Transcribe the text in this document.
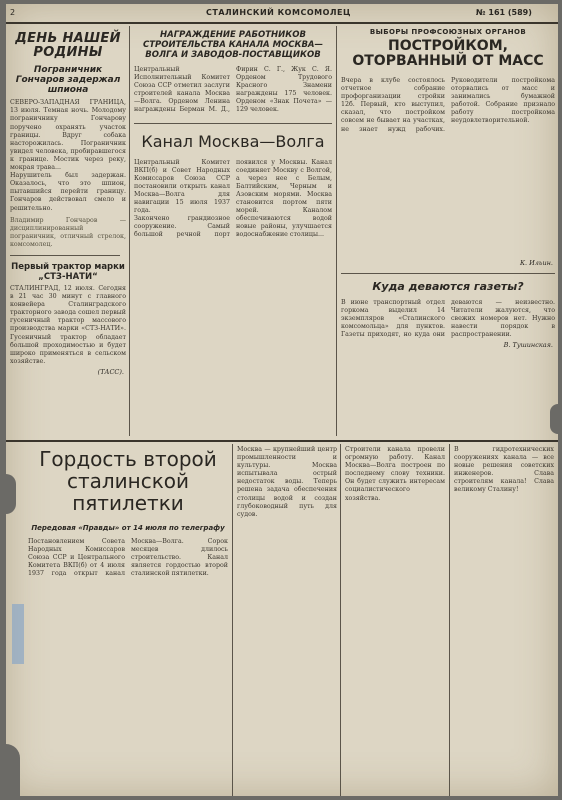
2	СТАЛИНСКИЙ КОМСОМОЛЕЦ	№ 161 (589)
ДЕНЬ НАШЕЙ РОДИНЫ
Пограничник Гончаров задержал шпиона

СЕВЕРО-ЗАПАДНАЯ ГРАНИЦА, 13 июля. Темная ночь. Молодому пограничнику Гончарову поручено охранять участок границы. Вдруг собака насторожилась. Пограничник увидел человека, пробиравшегося к границе. Мостик через реку, мокрая трава...
Нарушитель был задержан. Оказалось, что это шпион, пытавшийся перейти границу. Гончаров действовал смело и решительно.

Владимир Гончаров — дисциплинированный пограничник, отличный стрелок, комсомолец.

Первый трактор марки „СТЗ-НАТИ“

СТАЛИНГРАД, 12 июля. Сегодня в 21 час 30 минут с главного конвейера Сталинградского тракторного завода сошел первый гусеничный трактор массового производства марки «СТЗ-НАТИ». Гусеничный трактор обладает большой проходимостью и будет широко применяться в сельском хозяйстве.

(ТАСС).

НАГРАЖДЕНИЕ РАБОТНИКОВ СТРОИТЕЛЬСТВА КАНАЛА МОСКВА—ВОЛГА И ЗАВОДОВ-ПОСТАВЩИКОВ

Центральный Исполнительный Комитет Союза ССР отметил заслуги строителей канала Москва—Волга. Орденом Ленина награждены Берман М. Д., Фирин С. Г., Жук С. Я. Орденом Трудового Красного Знамени награждены 175 человек. Орденом «Знак Почета» — 129 человек.

Канал Москва—Волга

Центральный Комитет ВКП(б) и Совет Народных Комиссаров Союза ССР постановили открыть канал Москва—Волга для навигации 15 июля 1937 года.
Закончено грандиозное сооружение. Самый большой речной порт появился у Москвы. Канал соединяет Москву с Волгой, а через нее с Белым, Балтийским, Черным и Азовским морями. Москва становится портом пяти морей. Каналом обеспечиваются водой новые районы, улучшается водоснабжение столицы...

ВЫБОРЫ ПРОФСОЮЗНЫХ ОРГАНОВ

ПОСТРОЙКОМ, ОТОРВАННЫЙ ОТ МАСС

Вчера в клубе состоялось отчетное собрание профорганизации стройки 12б. Первый, кто выступил, сказал, что постройком совсем не бывает на участках, не знает нужд рабочих. Руководители постройкома оторвались от масс и занимались бумажной работой. Собрание признало работу постройкома неудовлетворительной.

К. Ильин.

Куда деваются газеты?

В июне транспортный отдел горкома выделил 14 экземпляров «Сталинского комсомольца» для пунктов. Газеты приходят, но куда они деваются — неизвестно. Читатели жалуются, что свежих номеров нет. Нужно навести порядок в распространении.

В. Тушинская.

Гордость второй сталинской пятилетки

Передовая «Правды» от 14 июля по телеграфу

Постановлением Совета Народных Комиссаров Союза ССР и Центрального Комитета ВКП(б) от 4 июля 1937 года открыт канал Москва—Волга. Сорок месяцев длилось строительство. Канал является гордостью второй сталинской пятилетки.

Москва — крупнейший центр промышленности и культуры. Москва испытывала острый недостаток воды. Теперь решена задача обеспечения столицы водой и создан глубоководный путь для судов.

Строители канала провели огромную работу. Канал Москва—Волга построен по последнему слову техники. Он будет служить интересам социалистического хозяйства.

В гидротехнических сооружениях канала — все новые решения советских инженеров. Слава строителям канала! Слава великому Сталину!
